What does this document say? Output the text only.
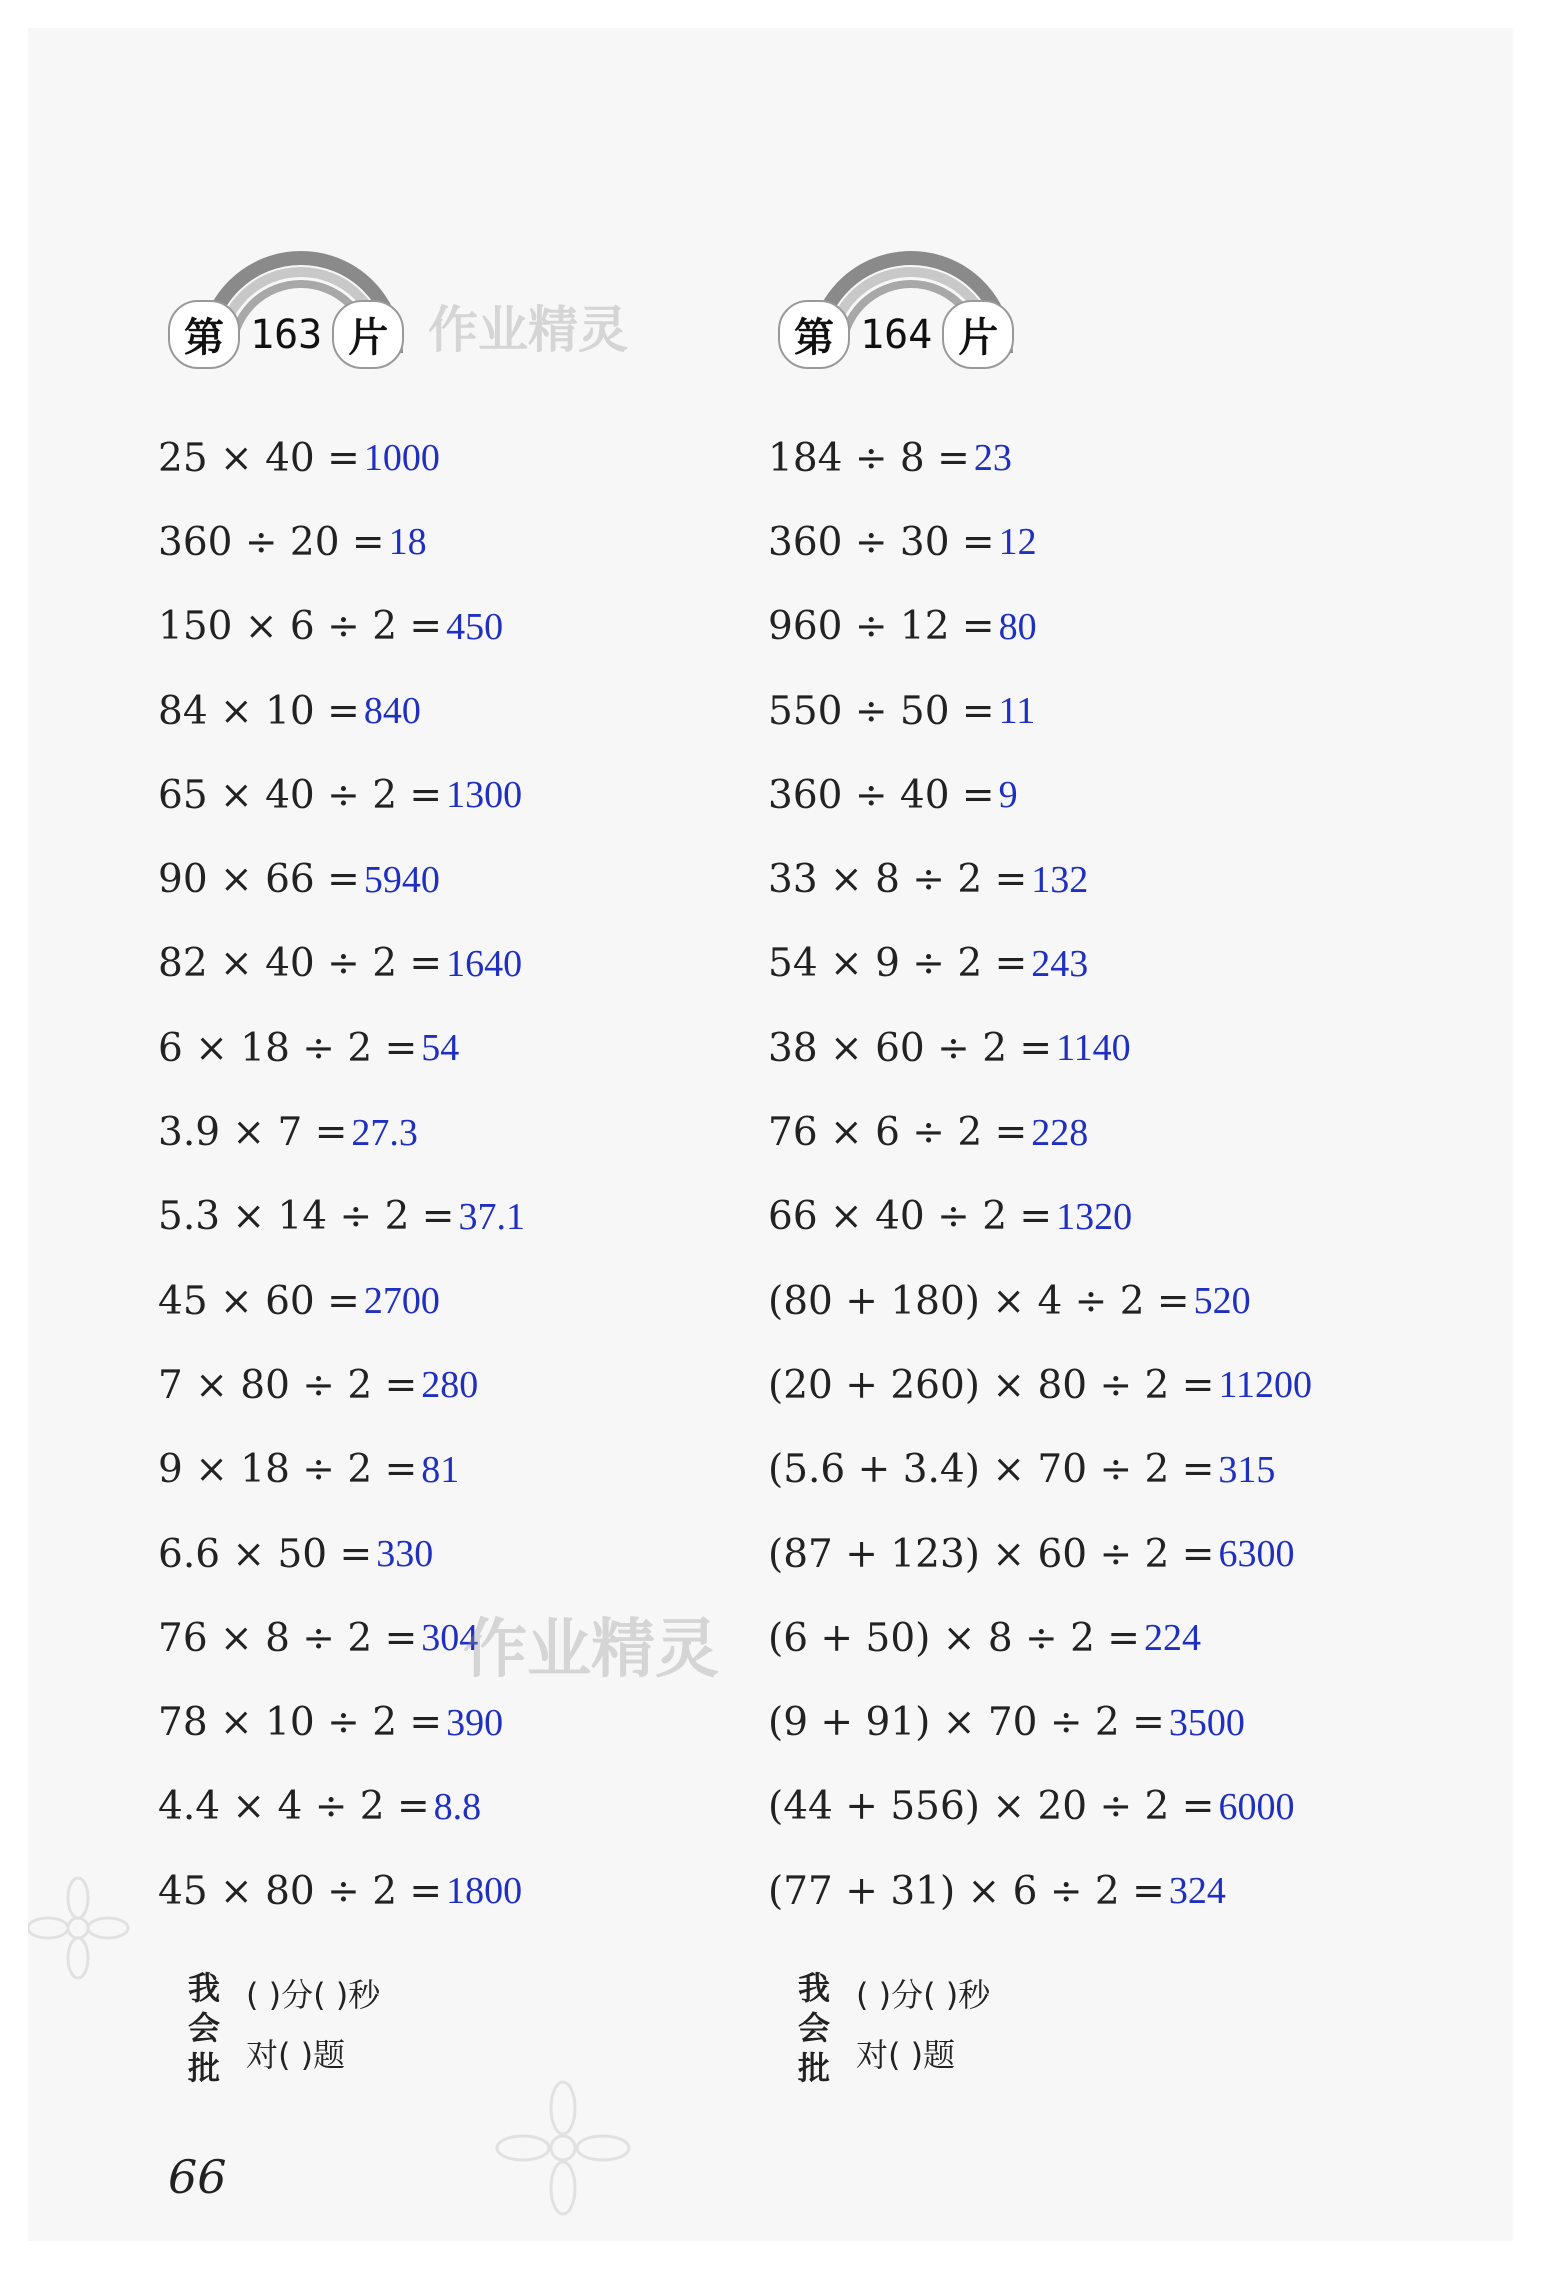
第 163 片
25 × 40 = 1000
360 ÷ 20 = 18
150 × 6 ÷ 2 = 450
84 × 10 = 840
65 × 40 ÷ 2 = 1300
90 × 66 = 5940
82 × 40 ÷ 2 = 1640
6 × 18 ÷ 2 = 54
3.9 × 7 = 27.3
5.3 × 14 ÷ 2 = 37.1
45 × 60 = 2700
7 × 80 ÷ 2 = 280
9 × 18 ÷ 2 = 81
6.6 × 50 = 330
76 × 8 ÷ 2 = 304
78 × 10 ÷ 2 = 390
4.4 × 4 ÷ 2 = 8.8
45 × 80 ÷ 2 = 1800
我
会
批
( )分( )秒
对( )题
第 164 片
184 ÷ 8 = 23
360 ÷ 30 = 12
960 ÷ 12 = 80
550 ÷ 50 = 11
360 ÷ 40 = 9
33 × 8 ÷ 2 = 132
54 × 9 ÷ 2 = 243
38 × 60 ÷ 2 = 1140
76 × 6 ÷ 2 = 228
66 × 40 ÷ 2 = 1320
(80 + 180) × 4 ÷ 2 = 520
(20 + 260) × 80 ÷ 2 = 11200
(5.6 + 3.4) × 70 ÷ 2 = 315
(87 + 123) × 60 ÷ 2 = 6300
(6 + 50) × 8 ÷ 2 = 224
(9 + 91) × 70 ÷ 2 = 3500
(44 + 556) × 20 ÷ 2 = 6000
(77 + 31) × 6 ÷ 2 = 324
我
会
批
( )分( )秒
对( )题
作业精灵
作业精灵
66
